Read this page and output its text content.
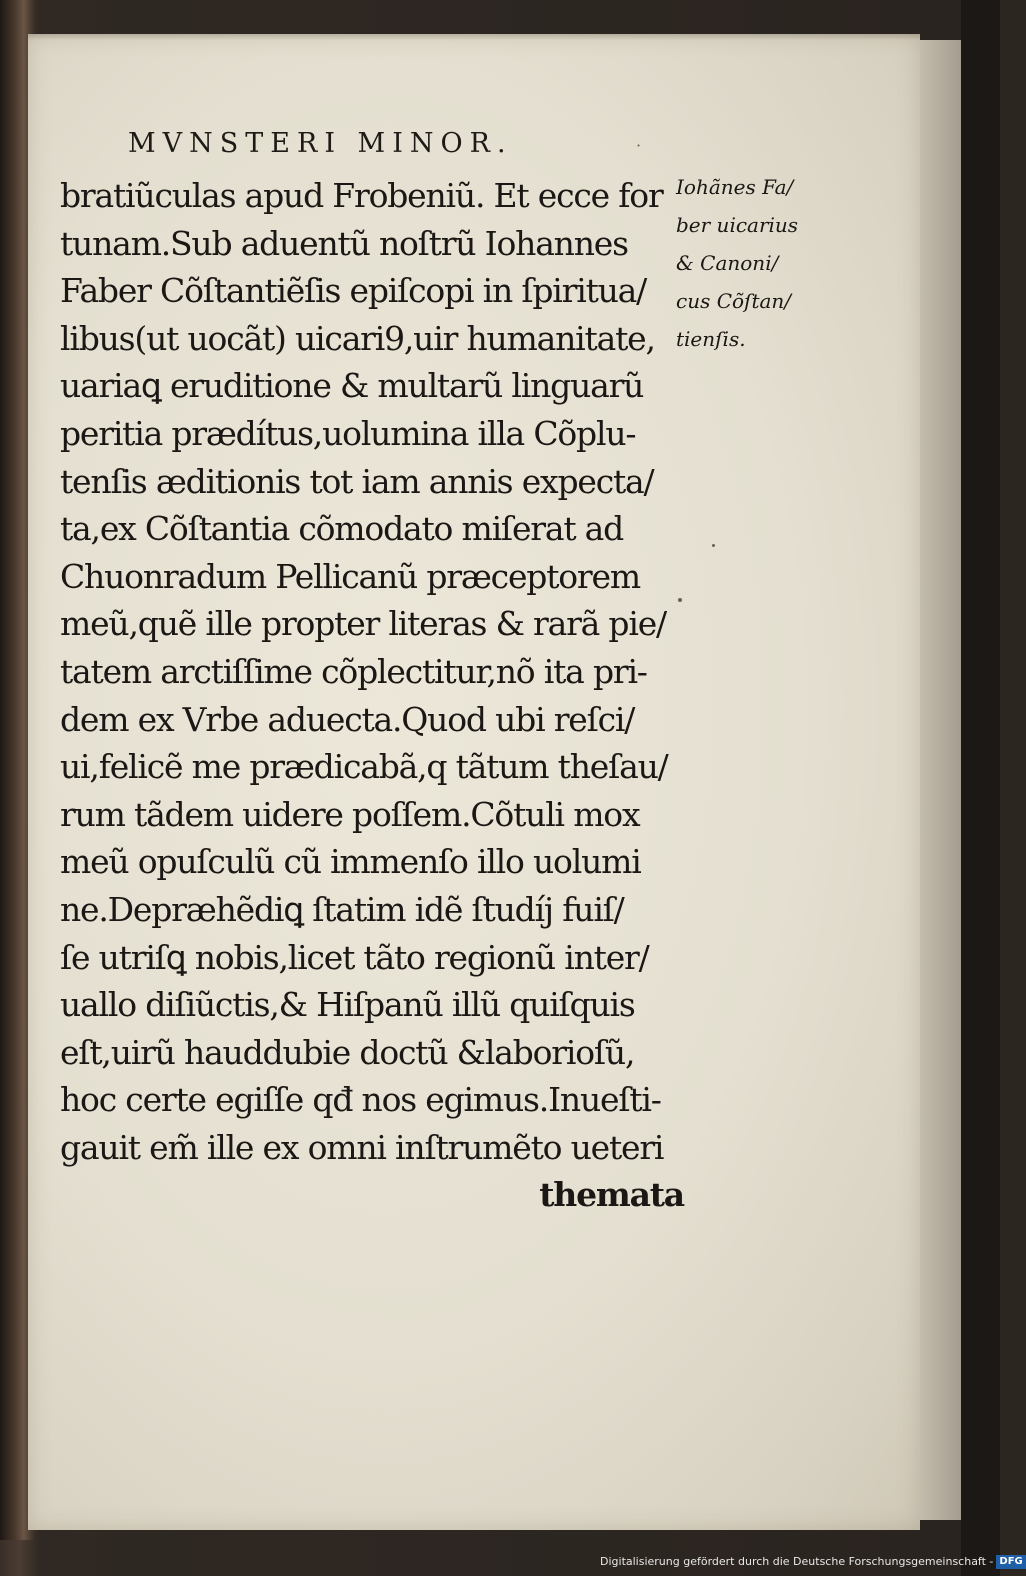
MVNSTERI MINOR.	·
bratiũculas apud Frobeniũ. Et ecce for
tunam.Sub aduentũ noſtrũ Iohannes
Faber Cõſtantiẽſis epiſcopi in ſpiritua/
libus(ut uocãt) uicari9,uir humanitate,
uariaꝗ eruditione & multarũ linguarũ
peritia prædítus,uolumina illa Cõplu-
tenſis æditionis tot iam annis expecta/
ta,ex Cõſtantia cõmodato miſerat ad
Chuonradum Pellicanũ præceptorem
meũ,quẽ ille propter literas & rarã pie/
tatem arctiſſime cõplectitur,nõ ita pri-
dem ex Vrbe aduecta.Quod ubi reſci/
ui,felicẽ me prædicabã,q tãtum theſau/
rum tãdem uidere poſſem.Cõtuli mox
meũ opuſculũ cũ immenſo illo uolumi
ne.Depræhẽdiꝗ ſtatim idẽ ſtudíj fuiſ/
ſe utriſꝗ nobis,licet tãto regionũ inter/
uallo diſiũctis,& Hiſpanũ illũ quiſquis
eſt,uirũ hauddubie doctũ &laborioſũ,
hoc certe egiſſe qđ nos egimus.Inueſti-
gauit em̃ ille ex omni inſtrumẽto ueteri
themata
Iohãnes Fa/
ber uicarius
& Canoni/
cus Cõſtan/
tienſis.
Digitalisierung gefördert durch die Deutsche Forschungsgemeinschaft - DFG
